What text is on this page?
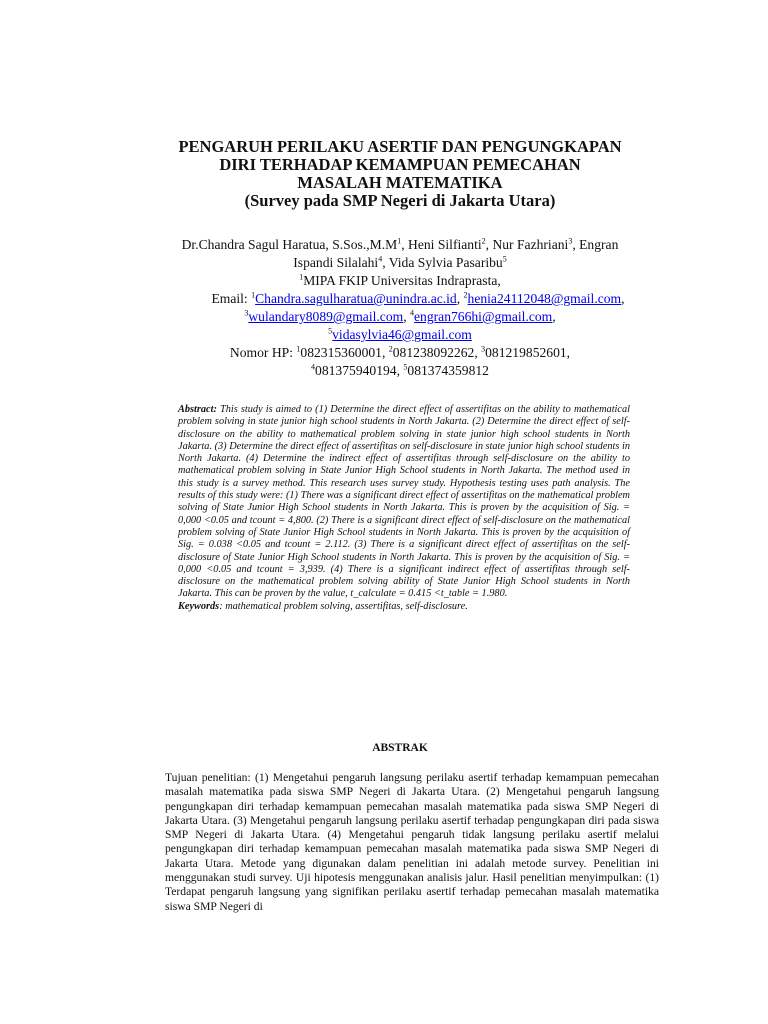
PENGARUH PERILAKU ASERTIF DAN PENGUNGKAPAN
DIRI TERHADAP KEMAMPUAN PEMECAHAN
MASALAH MATEMATIKA
(Survey pada SMP Negeri di Jakarta Utara)
Dr.Chandra Sagul Haratua, $S.Sos.,M.M^1$, Heni Silfianti$^2$, Nur Fazhriani$^3$, Engran
Ispandi Silalahi$^4$, Vida Sylvia Pasaribu$^5$
$^1$MIPA FKIP Universitas Indraprasta,
Email: $^1$Chandra.sagulharatua@unindra.ac.id, $^2$henia24112048@gmail.com,
$^3$wulandary8089@gmail.com, $^4$engran766hi@gmail.com,
$^5$vidasylvia46@gmail.com
Nomor HP: $^1$082315360001, $^2$081238092262, $^3$081219852601,
$^4$081375940194, $^5$081374359812
Abstract: This study is aimed to (1) Determine the direct effect of assertifitas on the ability to mathematical problem solving in state junior high school students in North Jakarta. (2) Determine the direct effect of self-disclosure on the ability to mathematical problem solving in state junior high school students in North Jakarta. (3) Determine the direct effect of assertifitas on self-disclosure in state junior high school students in North Jakarta. (4) Determine the indirect effect of assertifitas through self-disclosure on the ability to mathematical problem solving in State Junior High School students in North Jakarta. The method used in this study is a survey method. This research uses survey study. Hypothesis testing uses path analysis. The results of this study were: (1) There was a significant direct effect of assertifitas on the mathematical problem solving of State Junior High School students in North Jakarta. This is proven by the acquisition of Sig. = 0,000 <0.05 and tcount = 4,800. (2) There is a significant direct effect of self-disclosure on the mathematical problem solving of State Junior High School students in North Jakarta. This is proven by the acquisition of Sig. = 0.038 <0.05 and tcount = 2.112. (3) There is a significant direct effect of assertifitas on the self-disclosure of State Junior High School students in North Jakarta. This is proven by the acquisition of Sig. = 0,000 <0.05 and tcount = 3,939. (4) There is a significant indirect effect of assertifitas through self-disclosure on the mathematical problem solving ability of State Junior High School students in North Jakarta. This can be proven by the value, t_calculate = 0.415 <t_table = 1.980.
Keywords: mathematical problem solving, assertifitas, self-disclosure.
ABSTRAK
Tujuan penelitian: (1) Mengetahui pengaruh langsung perilaku asertif terhadap kemampuan pemecahan masalah matematika pada siswa SMP Negeri di Jakarta Utara. (2) Mengetahui pengaruh langsung pengungkapan diri terhadap kemampuan pemecahan masalah matematika pada siswa SMP Negeri di Jakarta Utara. (3) Mengetahui pengaruh langsung perilaku asertif terhadap pengungkapan diri pada siswa SMP Negeri di Jakarta Utara. (4) Mengetahui pengaruh tidak langsung perilaku asertif melalui pengungkapan diri terhadap kemampuan pemecahan masalah matematika pada siswa SMP Negeri di Jakarta Utara. Metode yang digunakan dalam penelitian ini adalah metode survey. Penelitian ini menggunakan studi survey. Uji hipotesis menggunakan analisis jalur. Hasil penelitian menyimpulkan: (1) Terdapat pengaruh langsung yang signifikan perilaku asertif terhadap pemecahan masalah matematika siswa SMP Negeri di
